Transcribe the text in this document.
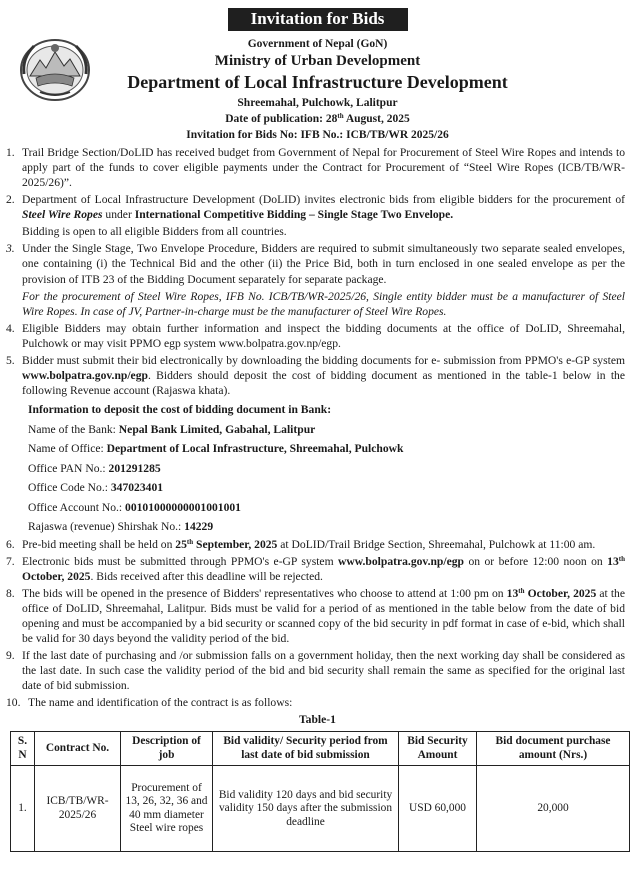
Invitation for Bids
Government of Nepal (GoN)
Ministry of Urban Development
Department of Local Infrastructure Development
Shreemahal, Pulchowk, Lalitpur
Date of publication: 28th August, 2025
Invitation for Bids No: IFB No.: ICB/TB/WR 2025/26
1. Trail Bridge Section/DoLID has received budget from Government of Nepal for Procurement of Steel Wire Ropes and intends to apply part of the funds to cover eligible payments under the Contract for Procurement of “Steel Wire Ropes (ICB/TB/WR- 2025/26)”.
2. Department of Local Infrastructure Development (DoLID) invites electronic bids from eligible bidders for the procurement of Steel Wire Ropes under International Competitive Bidding – Single Stage Two Envelope.
Bidding is open to all eligible Bidders from all countries.
3. Under the Single Stage, Two Envelope Procedure, Bidders are required to submit simultaneously two separate sealed envelopes, one containing (i) the Technical Bid and the other (ii) the Price Bid, both in turn enclosed in one sealed envelope as per the provision of ITB 23 of the Bidding Document separately for separate package.
For the procurement of Steel Wire Ropes, IFB No. ICB/TB/WR-2025/26, Single entity bidder must be a manufacturer of Steel Wire Ropes. In case of JV, Partner-in-charge must be the manufacturer of Steel Wire Ropes.
4. Eligible Bidders may obtain further information and inspect the bidding documents at the office of DoLID, Shreemahal, Pulchowk or may visit PPMO egp system www.bolpatra.gov.np/egp.
5. Bidder must submit their bid electronically by downloading the bidding documents for e- submission from PPMO's e-GP system www.bolpatra.gov.np/egp. Bidders should deposit the cost of bidding document as mentioned in the table-1 below in the following Revenue account (Rajaswa khata).
Information to deposit the cost of bidding document in Bank:
Name of the Bank: Nepal Bank Limited, Gabahal, Lalitpur
Name of Office: Department of Local Infrastructure, Shreemahal, Pulchowk
Office PAN No.: 201291285
Office Code No.: 347023401
Office Account No.: 00101000000001001001
Rajaswa (revenue) Shirshak No.: 14229
6. Pre-bid meeting shall be held on 25th September, 2025 at DoLID/Trail Bridge Section, Shreemahal, Pulchowk at 11:00 am.
7. Electronic bids must be submitted through PPMO's e-GP system www.bolpatra.gov.np/egp on or before 12:00 noon on 13th October, 2025. Bids received after this deadline will be rejected.
8. The bids will be opened in the presence of Bidders' representatives who choose to attend at 1:00 pm on 13th October, 2025 at the office of DoLID, Shreemahal, Lalitpur. Bids must be valid for a period of as mentioned in the table below from the date of bid opening and must be accompanied by a bid security or scanned copy of the bid security in pdf format in case of e-bid, which shall be valid for 30 days beyond the validity period of the bid.
9. If the last date of purchasing and /or submission falls on a government holiday, then the next working day shall be considered as the last date. In such case the validity period of the bid and bid security shall remain the same as specified for the original last date of bid submission.
10. The name and identification of the contract is as follows:
Table-1
S. N	Contract No.	Description of job	Bid validity/ Security period from last date of bid submission	Bid Security Amount	Bid document purchase amount (Nrs.)
1.	ICB/TB/WR-2025/26	Procurement of 13, 26, 32, 36 and 40 mm diameter Steel wire ropes	Bid validity 120 days and bid security validity 150 days after the submission deadline	USD 60,000	20,000
